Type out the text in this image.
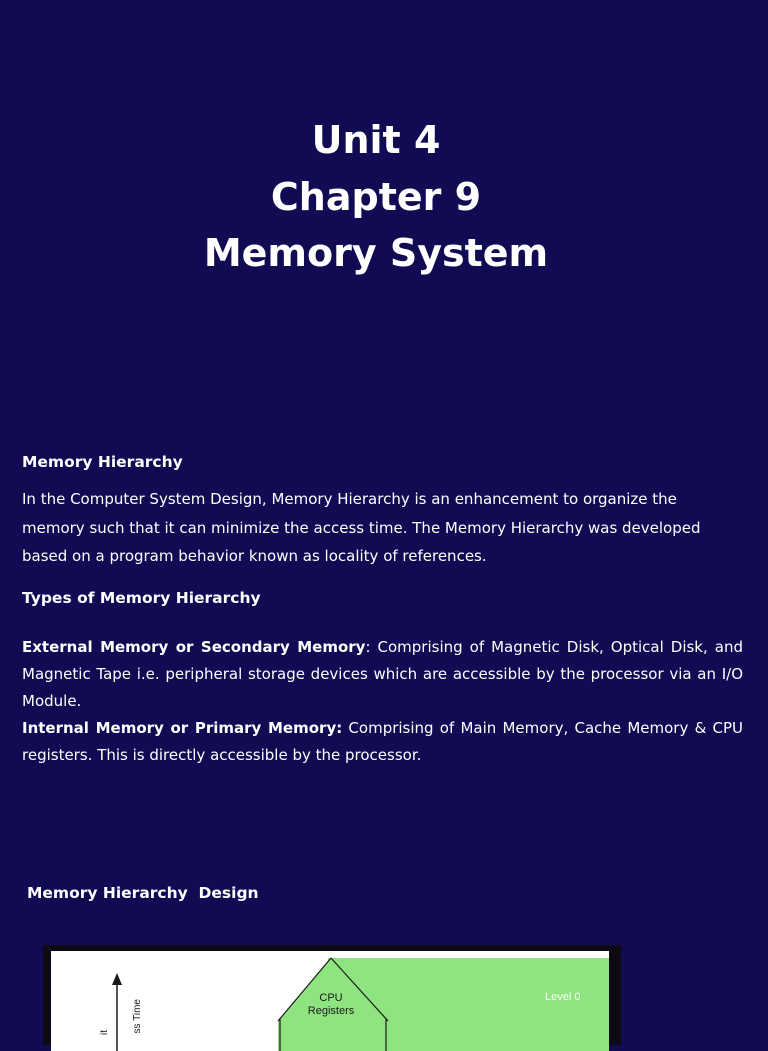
Unit 4

Chapter 9

Memory System

Memory Hierarchy

In the Computer System Design, Memory Hierarchy is an enhancement to organize the memory such that it can minimize the access time. The Memory Hierarchy was developed based on a program behavior known as locality of references.

Types of Memory Hierarchy

External Memory or Secondary Memory: Comprising of Magnetic Disk, Optical Disk, and Magnetic Tape i.e. peripheral storage devices which are accessible by the processor via an I/O Module.

Internal Memory or Primary Memory: Comprising of Main Memory, Cache Memory & CPU registers. This is directly accessible by the processor.

Memory Hierarchy  Design

CPU
Registers
Level 0
ss Time
it
